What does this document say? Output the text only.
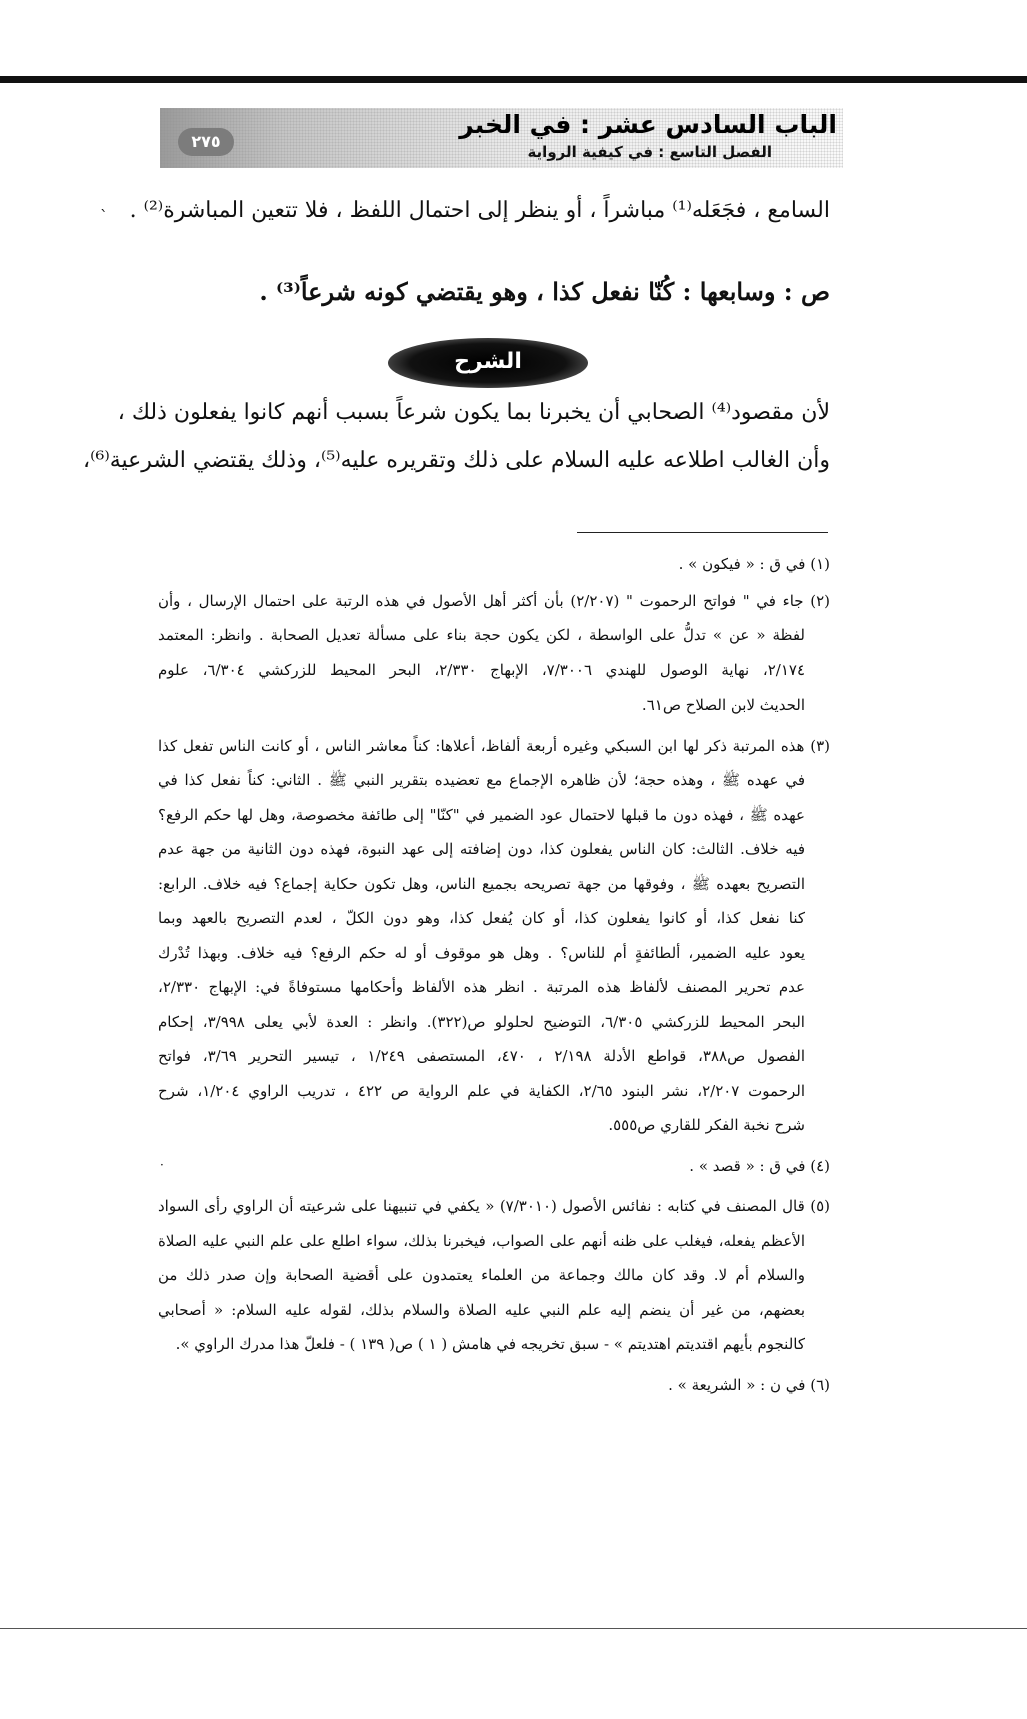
الباب السادس عشر : في الخبر
الفصل التاسع : في كيفية الرواية
٢٧٥
` السامع ، فجَعَله⁽¹⁾ مباشراً ، أو ينظر إلى احتمال اللفظ ، فلا تتعين المباشرة⁽²⁾ .
ص : وسابعها : كُنّا نفعل كذا ، وهو يقتضي كونه شرعاً⁽³⁾ .
الشرح
لأن مقصود⁽⁴⁾ الصحابي أن يخبرنا بما يكون شرعاً بسبب أنهم كانوا يفعلون ذلك ،
وأن الغالب اطلاعه عليه السلام على ذلك وتقريره عليه⁽⁵⁾، وذلك يقتضي الشرعية⁽⁶⁾،
(١) في ق : « فيكون » .
(٢) جاء في " فواتح الرحموت " (٢/٢٠٧) بأن أكثر أهل الأصول في هذه الرتبة على احتمال الإرسال ، وأن
لفظة « عن » تدلُّ على الواسطة ، لكن يكون حجة بناء على مسألة تعديل الصحابة . وانظر: المعتمد
٢/١٧٤، نهاية الوصول للهندي ٧/٣٠٠٦، الإبهاج ٢/٣٣٠، البحر المحيط للزركشي ٦/٣٠٤، علوم
الحديث لابن الصلاح ص٦١.
(٣) هذه المرتبة ذكر لها ابن السبكي وغيره أربعة ألفاظ، أعلاها: كناً معاشر الناس ، أو كانت الناس تفعل كذا
في عهده ﷺ ، وهذه حجة؛ لأن ظاهره الإجماع مع تعضيده بتقرير النبي ﷺ . الثاني: كناً نفعل كذا في
عهده ﷺ ، فهذه دون ما قبلها لاحتمال عود الضمير في "كنّا" إلى طائفة مخصوصة، وهل لها حكم الرفع؟
فيه خلاف. الثالث: كان الناس يفعلون كذا، دون إضافته إلى عهد النبوة، فهذه دون الثانية من جهة عدم
التصريح بعهده ﷺ ، وفوقها من جهة تصريحه بجميع الناس، وهل تكون حكاية إجماع؟ فيه خلاف. الرابع:
كنا نفعل كذا، أو كانوا يفعلون كذا، أو كان يُفعل كذا، وهو دون الكلّ ، لعدم التصريح بالعهد وبما
يعود عليه الضمير، ألطائفةٍ أم للناس؟ . وهل هو موقوف أو له حكم الرفع؟ فيه خلاف. وبهذا تُدْرك
عدم تحرير المصنف لألفاظ هذه المرتبة . انظر هذه الألفاظ وأحكامها مستوفاةً في: الإبهاج ٢/٣٣٠،
البحر المحيط للزركشي ٦/٣٠٥، التوضيح لحلولو ص(٣٢٢). وانظر : العدة لأبي يعلى ٣/٩٩٨، إحكام
الفصول ص٣٨٨، قواطع الأدلة ٢/١٩٨ ، ٤٧٠، المستصفى ١/٢٤٩ ، تيسير التحرير ٣/٦٩، فواتح
الرحموت ٢/٢٠٧، نشر البنود ٢/٦٥، الكفاية في علم الرواية ص ٤٢٢ ، تدريب الراوي ١/٢٠٤، شرح
شرح نخبة الفكر للقاري ص٥٥٥.
·	(٤) في ق : « قصد » .
(٥) قال المصنف في كتابه : نفائس الأصول (٧/٣٠١٠) « يكفي في تنبيهنا على شرعيته أن الراوي رأى السواد
الأعظم يفعله، فيغلب على ظنه أنهم على الصواب، فيخبرنا بذلك، سواء اطلع على علم النبي عليه الصلاة
والسلام أم لا. وقد كان مالك وجماعة من العلماء يعتمدون على أقضية الصحابة وإن صدر ذلك من
بعضهم، من غير أن ينضم إليه علم النبي عليه الصلاة والسلام بذلك، لقوله عليه السلام: « أصحابي
كالنجوم بأيهم اقتديتم اهتديتم » - سبق تخريجه في هامش ( ١ ) ص( ١٣٩ ) - فلعلّ هذا مدرك الراوي ».
(٦) في ن : « الشريعة » .
